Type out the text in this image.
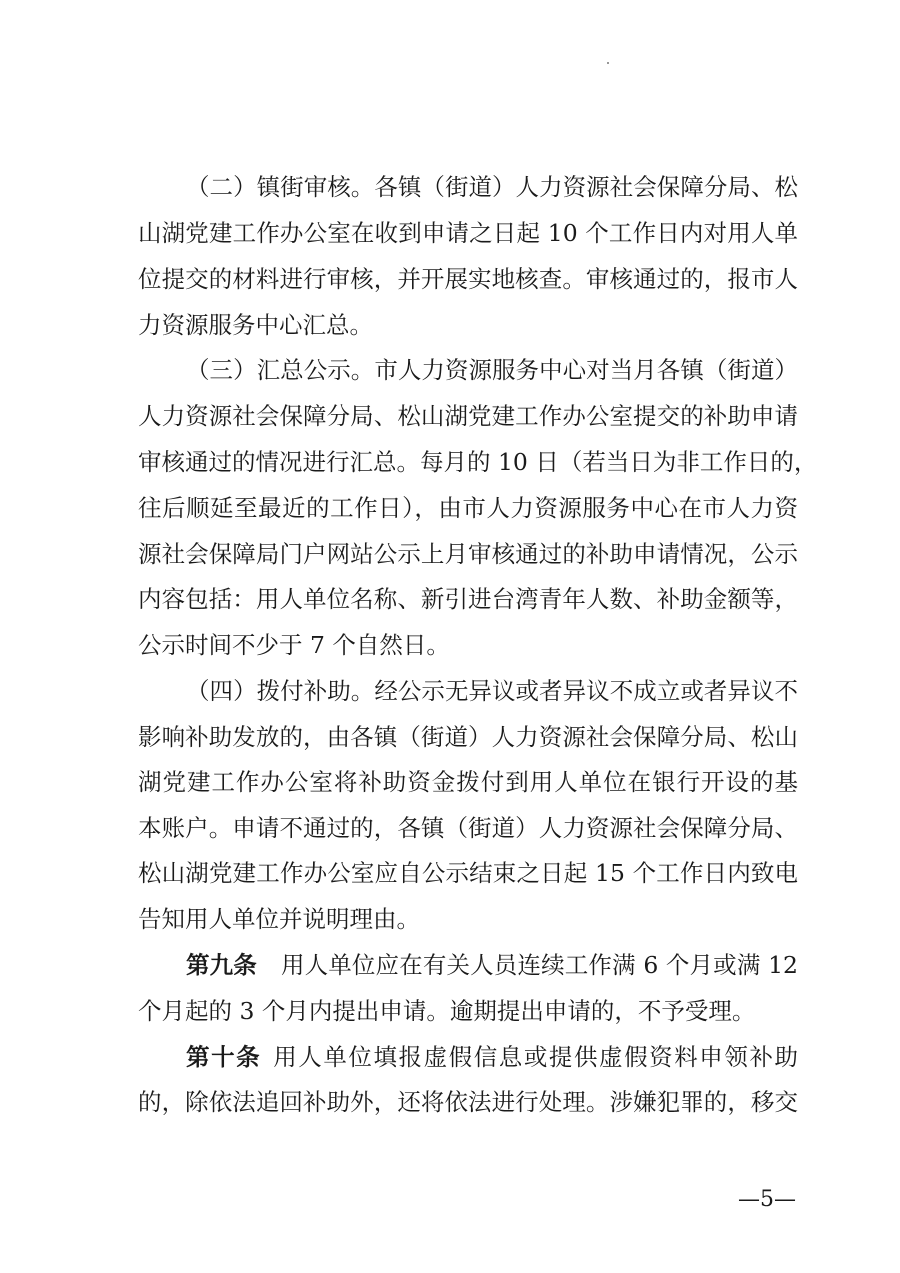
（二）镇街审核。各镇（街道）人力资源社会保障分局、松
山湖党建工作办公室在收到申请之日起 10 个工作日内对用人单
位提交的材料进行审核，并开展实地核查。审核通过的，报市人
力资源服务中心汇总。
（三）汇总公示。市人力资源服务中心对当月各镇（街道）
人力资源社会保障分局、松山湖党建工作办公室提交的补助申请
审核通过的情况进行汇总。每月的 10 日（若当日为非工作日的，
往后顺延至最近的工作日），由市人力资源服务中心在市人力资
源社会保障局门户网站公示上月审核通过的补助申请情况，公示
内容包括：用人单位名称、新引进台湾青年人数、补助金额等，
公示时间不少于 7 个自然日。
（四）拨付补助。经公示无异议或者异议不成立或者异议不
影响补助发放的，由各镇（街道）人力资源社会保障分局、松山
湖党建工作办公室将补助资金拨付到用人单位在银行开设的基
本账户。申请不通过的，各镇（街道）人力资源社会保障分局、
松山湖党建工作办公室应自公示结束之日起 15 个工作日内致电
告知用人单位并说明理由。
第九条 用人单位应在有关人员连续工作满 6 个月或满 12
个月起的 3 个月内提出申请。逾期提出申请的，不予受理。
第十条 用人单位填报虚假信息或提供虚假资料申领补助
的，除依法追回补助外，还将依法进行处理。涉嫌犯罪的，移交
—5—
